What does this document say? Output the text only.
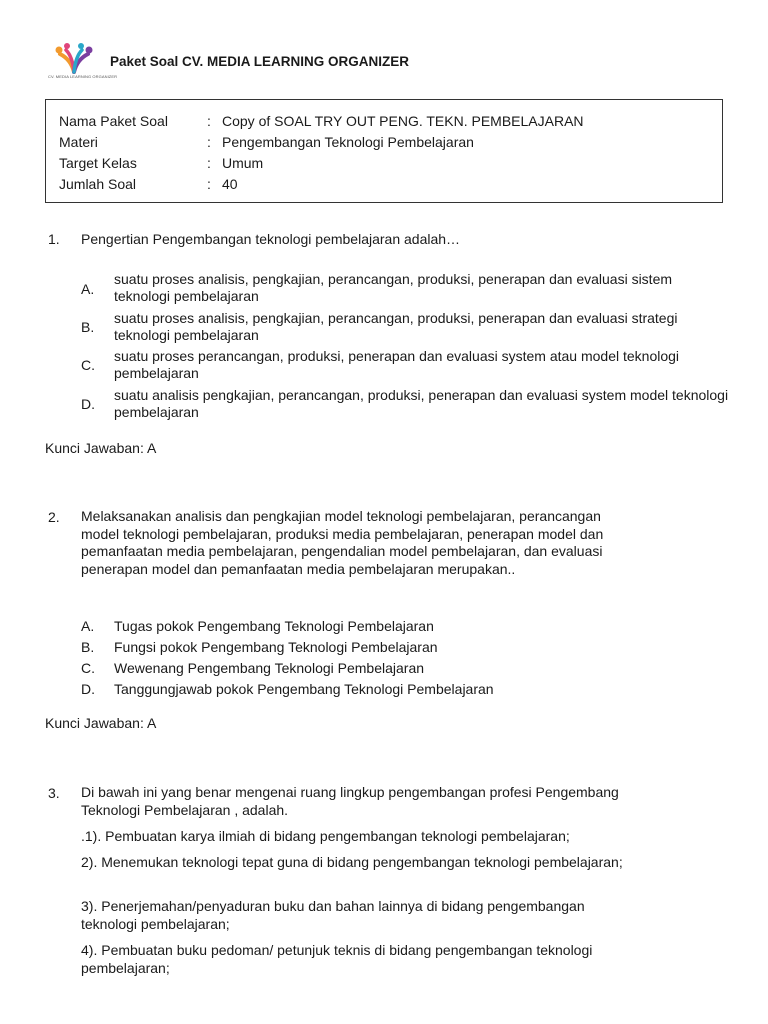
CV. MEDIA LEARNING ORGANIZER
Paket Soal CV. MEDIA LEARNING ORGANIZER
Nama Paket Soal	: Copy of SOAL TRY OUT PENG. TEKN. PEMBELAJARAN
Materi	: Pengembangan Teknologi Pembelajaran
Target Kelas	: Umum
Jumlah Soal	: 40
1. Pengertian Pengembangan teknologi pembelajaran adalah…
A.
suatu proses analisis, pengkajian, perancangan, produksi, penerapan dan evaluasi sistem teknologi pembelajaran
B.
suatu proses analisis, pengkajian, perancangan, produksi, penerapan dan evaluasi strategi teknologi pembelajaran
C.
suatu proses perancangan, produksi, penerapan dan evaluasi system atau model teknologi pembelajaran
D.
suatu analisis pengkajian, perancangan, produksi, penerapan dan evaluasi system model teknologi pembelajaran
Kunci Jawaban: A
2. Melaksanakan analisis dan pengkajian model teknologi pembelajaran, perancangan model teknologi pembelajaran, produksi media pembelajaran, penerapan model dan pemanfaatan media pembelajaran, pengendalian model pembelajaran, dan evaluasi penerapan model dan pemanfaatan media pembelajaran merupakan..
A. Tugas pokok Pengembang Teknologi Pembelajaran
B. Fungsi pokok Pengembang Teknologi Pembelajaran
C. Wewenang Pengembang Teknologi Pembelajaran
D. Tanggungjawab pokok Pengembang Teknologi Pembelajaran
Kunci Jawaban: A
3. Di bawah ini yang benar mengenai ruang lingkup pengembangan profesi Pengembang Teknologi Pembelajaran , adalah.
.1). Pembuatan karya ilmiah di bidang pengembangan teknologi pembelajaran;
2). Menemukan teknologi tepat guna di bidang pengembangan teknologi pembelajaran;
3). Penerjemahan/penyaduran buku dan bahan lainnya di bidang pengembangan teknologi pembelajaran;
4). Pembuatan buku pedoman/ petunjuk teknis di bidang pengembangan teknologi pembelajaran;
